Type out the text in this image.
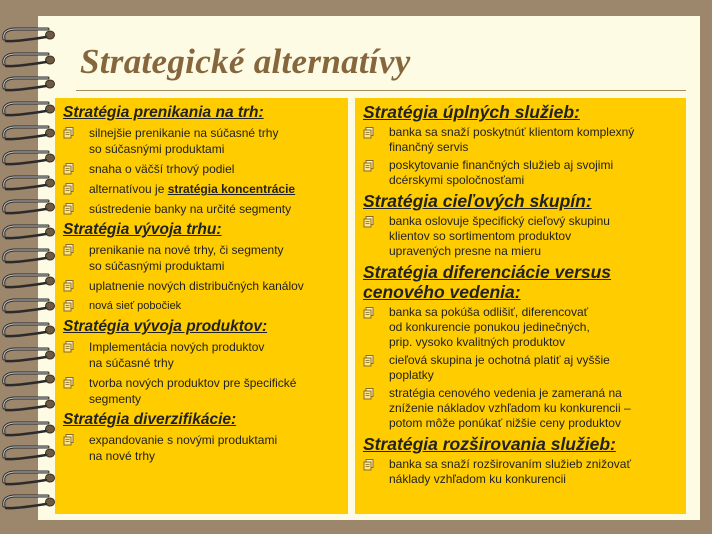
Strategické alternatívy
Stratégia prenikania na trh:
silnejšie prenikanie na súčasné trhy
so súčasnými produktami
snaha o väčší trhový podiel
alternatívou je stratégia koncentrácie
sústredenie banky na určité segmenty
Stratégia vývoja trhu:
prenikanie na nové trhy, či segmenty
so súčasnými produktami
uplatnenie nových distribučných kanálov
nová sieť pobočiek
Stratégia vývoja produktov:
Implementácia nových produktov
na súčasné trhy
tvorba nových produktov pre špecifické
segmenty
Stratégia diverzifikácie:
expandovanie s novými produktami
na nové trhy
Stratégia úplných služieb:
banka sa snaží poskytnúť klientom komplexný
finančný servis
poskytovanie finančných služieb aj svojimi
dcérskymi spoločnosťami
Stratégia cieľových skupín:
banka oslovuje špecifický cieľový skupinu
klientov so sortimentom produktov
upravených presne na mieru
Stratégia diferenciácie versus
cenového vedenia:
banka sa pokúša odlišiť, diferencovať
od konkurencie ponukou jedinečných,
prip. vysoko kvalitných produktov
cieľová skupina je ochotná platiť aj vyššie
poplatky
stratégia cenového vedenia je zameraná na
zníženie nákladov vzhľadom ku konkurencii –
potom môže ponúkať nižšie ceny produktov
Stratégia rozširovania služieb:
banka sa snaží rozširovaním služieb znižovať
náklady vzhľadom ku konkurencii
